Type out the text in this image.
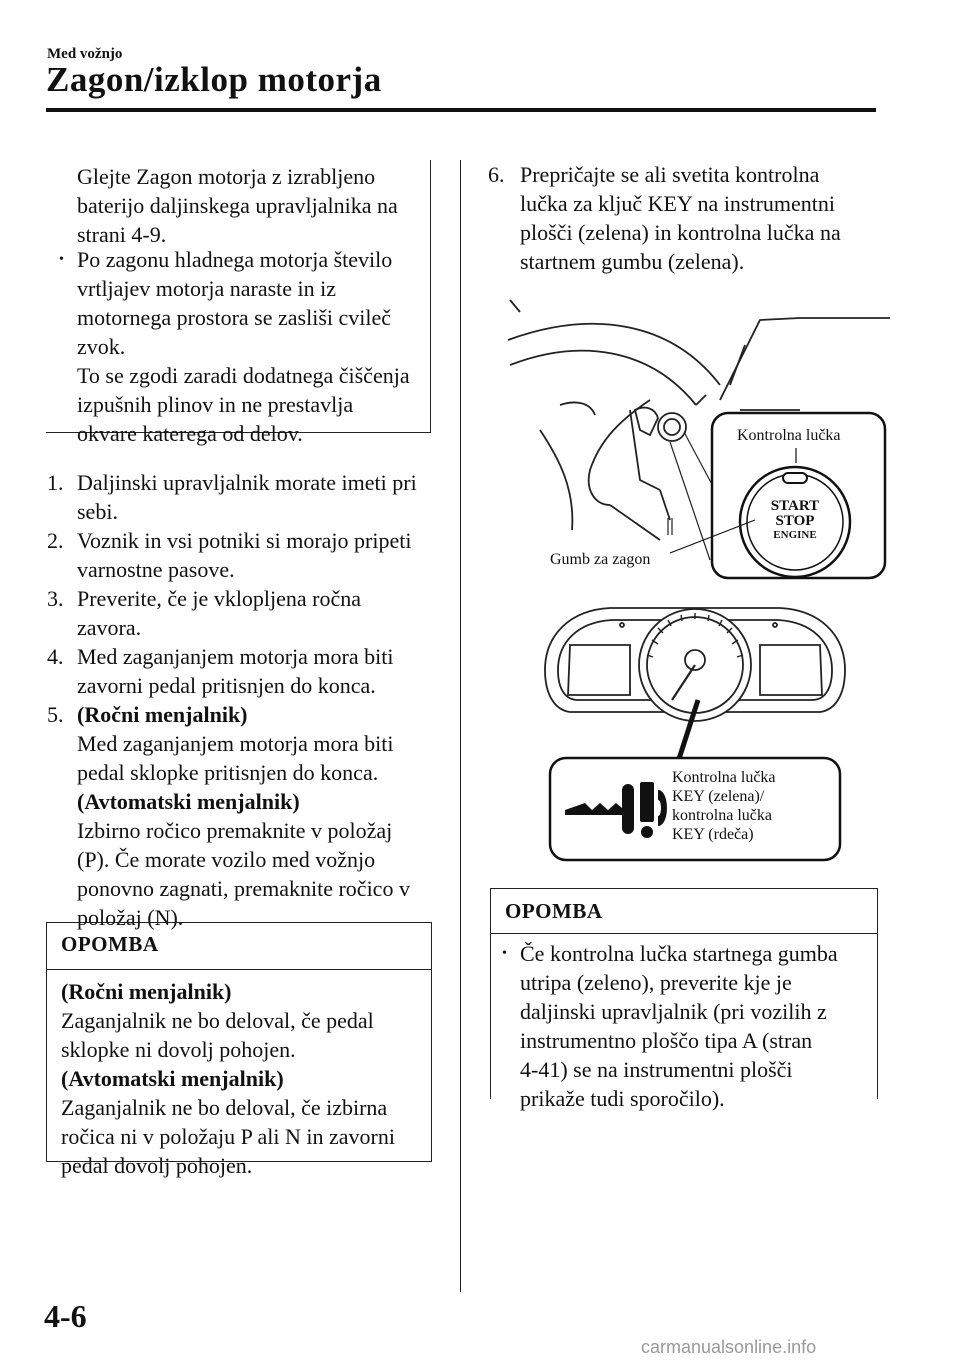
Med vožnjo
Zagon/izklop motorja
Glejte Zagon motorja z izrabljeno
baterijo daljinskega upravljalnika na
strani 4-9.
• Po zagonu hladnega motorja število
vrtljajev motorja naraste in iz
motornega prostora se zasliši cvileč
zvok.
To se zgodi zaradi dodatnega čiščenja
izpušnih plinov in ne prestavlja
okvare katerega od delov.
1. Daljinski upravljalnik morate imeti pri
sebi.
2. Voznik in vsi potniki si morajo pripeti
varnostne pasove.
3. Preverite, če je vklopljena ročna
zavora.
4. Med zaganjanjem motorja mora biti
zavorni pedal pritisnjen do konca.
5. (Ročni menjalnik)
Med zaganjanjem motorja mora biti
pedal sklopke pritisnjen do konca.
(Avtomatski menjalnik)
Izbirno ročico premaknite v položaj
(P). Če morate vozilo med vožnjo
ponovno zagnati, premaknite ročico v
položaj (N).
OPOMBA
(Ročni menjalnik)
Zaganjalnik ne bo deloval, če pedal
sklopke ni dovolj pohojen.
(Avtomatski menjalnik)
Zaganjalnik ne bo deloval, če izbirna
ročica ni v položaju P ali N in zavorni
pedal dovolj pohojen.
6. Prepričajte se ali svetita kontrolna
lučka za ključ KEY na instrumentni
plošči (zelena) in kontrolna lučka na
startnem gumbu (zelena).
Kontrolna lučka
START
STOP
ENGINE
Gumb za zagon
Kontrolna lučka
KEY (zelena)/
kontrolna lučka
KEY (rdeča)
OPOMBA
• Če kontrolna lučka startnega gumba
utripa (zeleno), preverite kje je
daljinski upravljalnik (pri vozilih z
instrumentno ploščo tipa A (stran
4-41) se na instrumentni plošči
prikaže tudi sporočilo).
4-6
carmanualsonline.info
